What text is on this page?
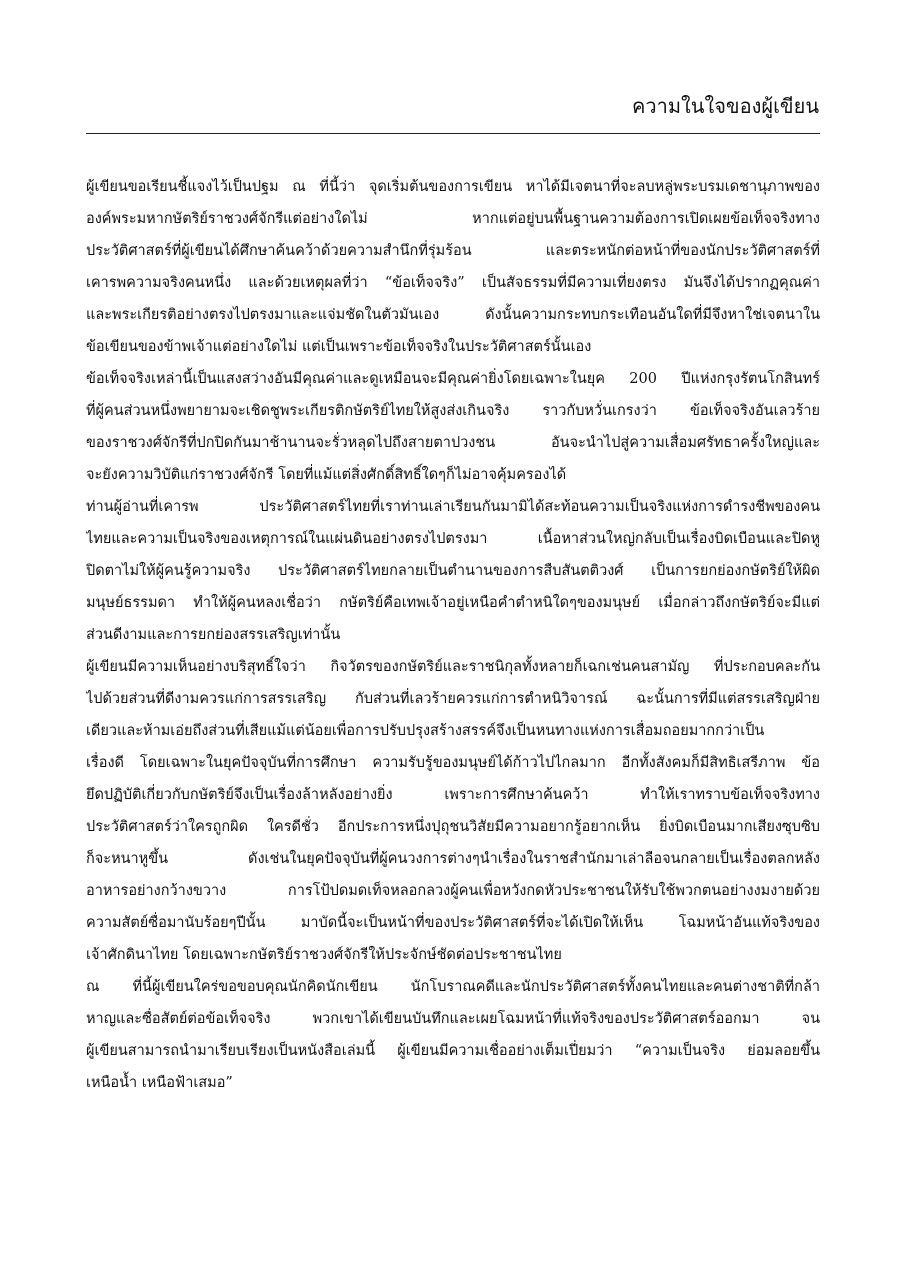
ความในใจของผู้เขียน
ผู้เขียนขอเรียนชี้แจงไว้เป็นปฐม ณ ที่นี้ว่า จุดเริ่มต้นของการเขียน หาได้มีเจตนาที่จะลบหลู่พระบรมเดชานุภาพของ
องค์พระมหากษัตริย์ราชวงศ์จักรีแต่อย่างใดไม่ หากแต่อยู่บนพื้นฐานความต้องการเปิดเผยข้อเท็จจริงทาง
ประวัติศาสตร์ที่ผู้เขียนได้ศึกษาค้นคว้าด้วยความสำนึกที่รุ่มร้อน และตระหนักต่อหน้าที่ของนักประวัติศาสตร์ที่
เคารพความจริงคนหนึ่ง และด้วยเหตุผลที่ว่า “ข้อเท็จจริง” เป็นสัจธรรมที่มีความเที่ยงตรง มันจึงได้ปรากฏคุณค่า
และพระเกียรติอย่างตรงไปตรงมาและแจ่มชัดในตัวมันเอง ดังนั้นความกระทบกระเทือนอันใดที่มีจึงหาใช่เจตนาใน
ข้อเขียนของข้าพเจ้าแต่อย่างใดไม่ แต่เป็นเพราะข้อเท็จจริงในประวัติศาสตร์นั้นเอง
ข้อเท็จจริงเหล่านี้เป็นแสงสว่างอันมีคุณค่าและดูเหมือนจะมีคุณค่ายิ่งโดยเฉพาะในยุค 200 ปีแห่งกรุงรัตนโกสินทร์
ที่ผู้คนส่วนหนึ่งพยายามจะเชิดชูพระเกียรติกษัตริย์ไทยให้สูงส่งเกินจริง ราวกับหวั่นเกรงว่า ข้อเท็จจริงอันเลวร้าย
ของราชวงศ์จักรีที่ปกปิดกันมาช้านานจะรั่วหลุดไปถึงสายตาปวงชน อันจะนำไปสู่ความเสื่อมศรัทธาครั้งใหญ่และ
จะยังความวิบัติแก่ราชวงศ์จักรี โดยที่แม้แต่สิ่งศักดิ์สิทธิ์ใดๆก็ไม่อาจคุ้มครองได้
ท่านผู้อ่านที่เคารพ ประวัติศาสตร์ไทยที่เราท่านเล่าเรียนกันมามิได้สะท้อนความเป็นจริงแห่งการดำรงชีพของคน
ไทยและความเป็นจริงของเหตุการณ์ในแผ่นดินอย่างตรงไปตรงมา เนื้อหาส่วนใหญ่กลับเป็นเรื่องบิดเบือนและปิดหู
ปิดตาไม่ให้ผู้คนรู้ความจริง ประวัติศาสตร์ไทยกลายเป็นตำนานของการสืบสันตติวงศ์ เป็นการยกย่องกษัตริย์ให้ผิด
มนุษย์ธรรมดา ทำให้ผู้คนหลงเชื่อว่า กษัตริย์คือเทพเจ้าอยู่เหนือคำตำหนิใดๆของมนุษย์ เมื่อกล่าวถึงกษัตริย์จะมีแต่
ส่วนดีงามและการยกย่องสรรเสริญเท่านั้น
ผู้เขียนมีความเห็นอย่างบริสุทธิ์ใจว่า กิจวัตรของกษัตริย์และราชนิกุลทั้งหลายก็เฉกเช่นคนสามัญ ที่ประกอบคละกัน
ไปด้วยส่วนที่ดีงามควรแก่การสรรเสริญ กับส่วนที่เลวร้ายควรแก่การตำหนิวิจารณ์ ฉะนั้นการที่มีแต่สรรเสริญฝ่าย
เดียวและห้ามเอ่ยถึงส่วนที่เสียแม้แต่น้อยเพื่อการปรับปรุงสร้างสรรค์จึงเป็นหนทางแห่งการเสื่อมถอยมากกว่าเป็น
เรื่องดี โดยเฉพาะในยุคปัจจุบันที่การศึกษา ความรับรู้ของมนุษย์ได้ก้าวไปไกลมาก อีกทั้งสังคมก็มีสิทธิเสรีภาพ ข้อ
ยึดปฏิบัติเกี่ยวกับกษัตริย์จึงเป็นเรื่องล้าหลังอย่างยิ่ง เพราะการศึกษาค้นคว้า ทำให้เราทราบข้อเท็จจริงทาง
ประวัติศาสตร์ว่าใครถูกผิด ใครดีชั่ว อีกประการหนึ่งปุถุชนวิสัยมีความอยากรู้อยากเห็น ยิ่งบิดเบือนมากเสียงซุบซิบ
ก็จะหนาหูขึ้น ดังเช่นในยุคปัจจุบันที่ผู้คนวงการต่างๆนำเรื่องในราชสำนักมาเล่าลือจนกลายเป็นเรื่องตลกหลัง
อาหารอย่างกว้างขวาง การโป้ปดมดเท็จหลอกลวงผู้คนเพื่อหวังกดหัวประชาชนให้รับใช้พวกตนอย่างงมงายด้วย
ความสัตย์ซื่อมานับร้อยๆปีนั้น มาบัดนี้จะเป็นหน้าที่ของประวัติศาสตร์ที่จะได้เปิดให้เห็น โฉมหน้าอันแท้จริงของ
เจ้าศักดินาไทย โดยเฉพาะกษัตริย์ราชวงศ์จักรีให้ประจักษ์ชัดต่อประชาชนไทย
ณ ที่นี้ผู้เขียนใคร่ขอขอบคุณนักคิดนักเขียน นักโบราณคดีและนักประวัติศาสตร์ทั้งคนไทยและคนต่างชาติที่กล้า
หาญและซื่อสัตย์ต่อข้อเท็จจริง พวกเขาได้เขียนบันทึกและเผยโฉมหน้าที่แท้จริงของประวัติศาสตร์ออกมา จน
ผู้เขียนสามารถนำมาเรียบเรียงเป็นหนังสือเล่มนี้ ผู้เขียนมีความเชื่ออย่างเต็มเปี่ยมว่า “ความเป็นจริง ย่อมลอยขึ้น
เหนือน้ำ เหนือฟ้าเสมอ”
